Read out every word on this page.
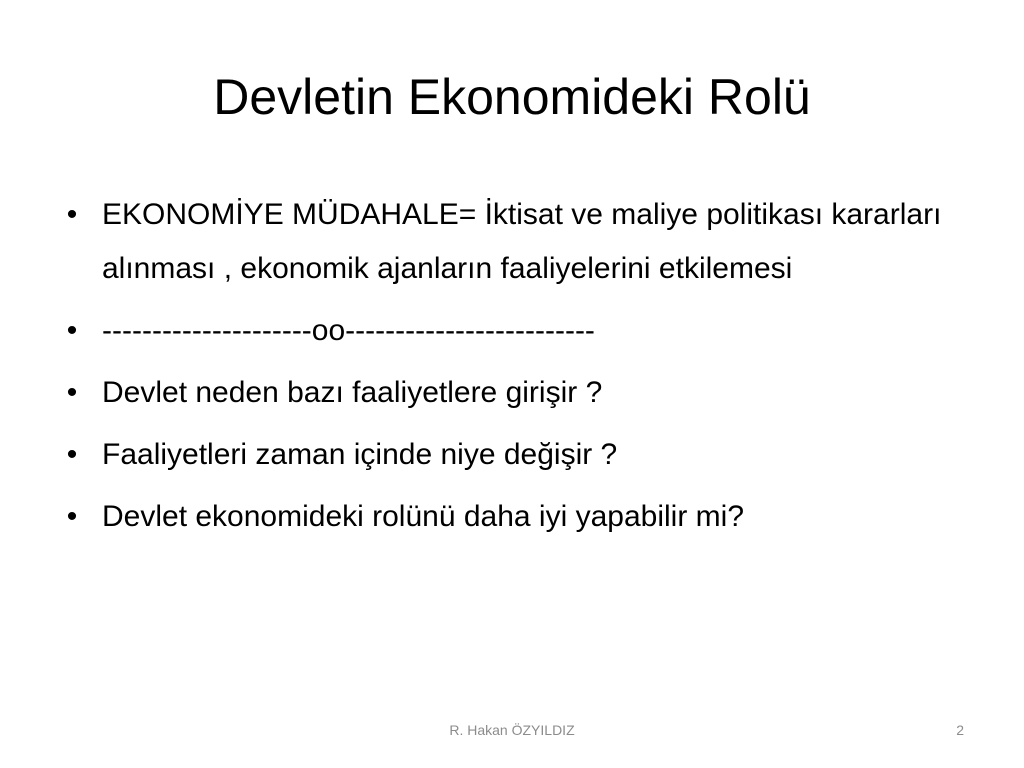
Devletin Ekonomideki Rolü
• EKONOMİYE MÜDAHALE= İktisat ve maliye politikası kararları alınması , ekonomik ajanların faaliyelerini etkilemesi
• ---------------------oo-------------------------
• Devlet neden bazı faaliyetlere girişir ?
• Faaliyetleri zaman içinde niye değişir ?
• Devlet ekonomideki rolünü daha iyi yapabilir mi?
R. Hakan ÖZYILDIZ	2
